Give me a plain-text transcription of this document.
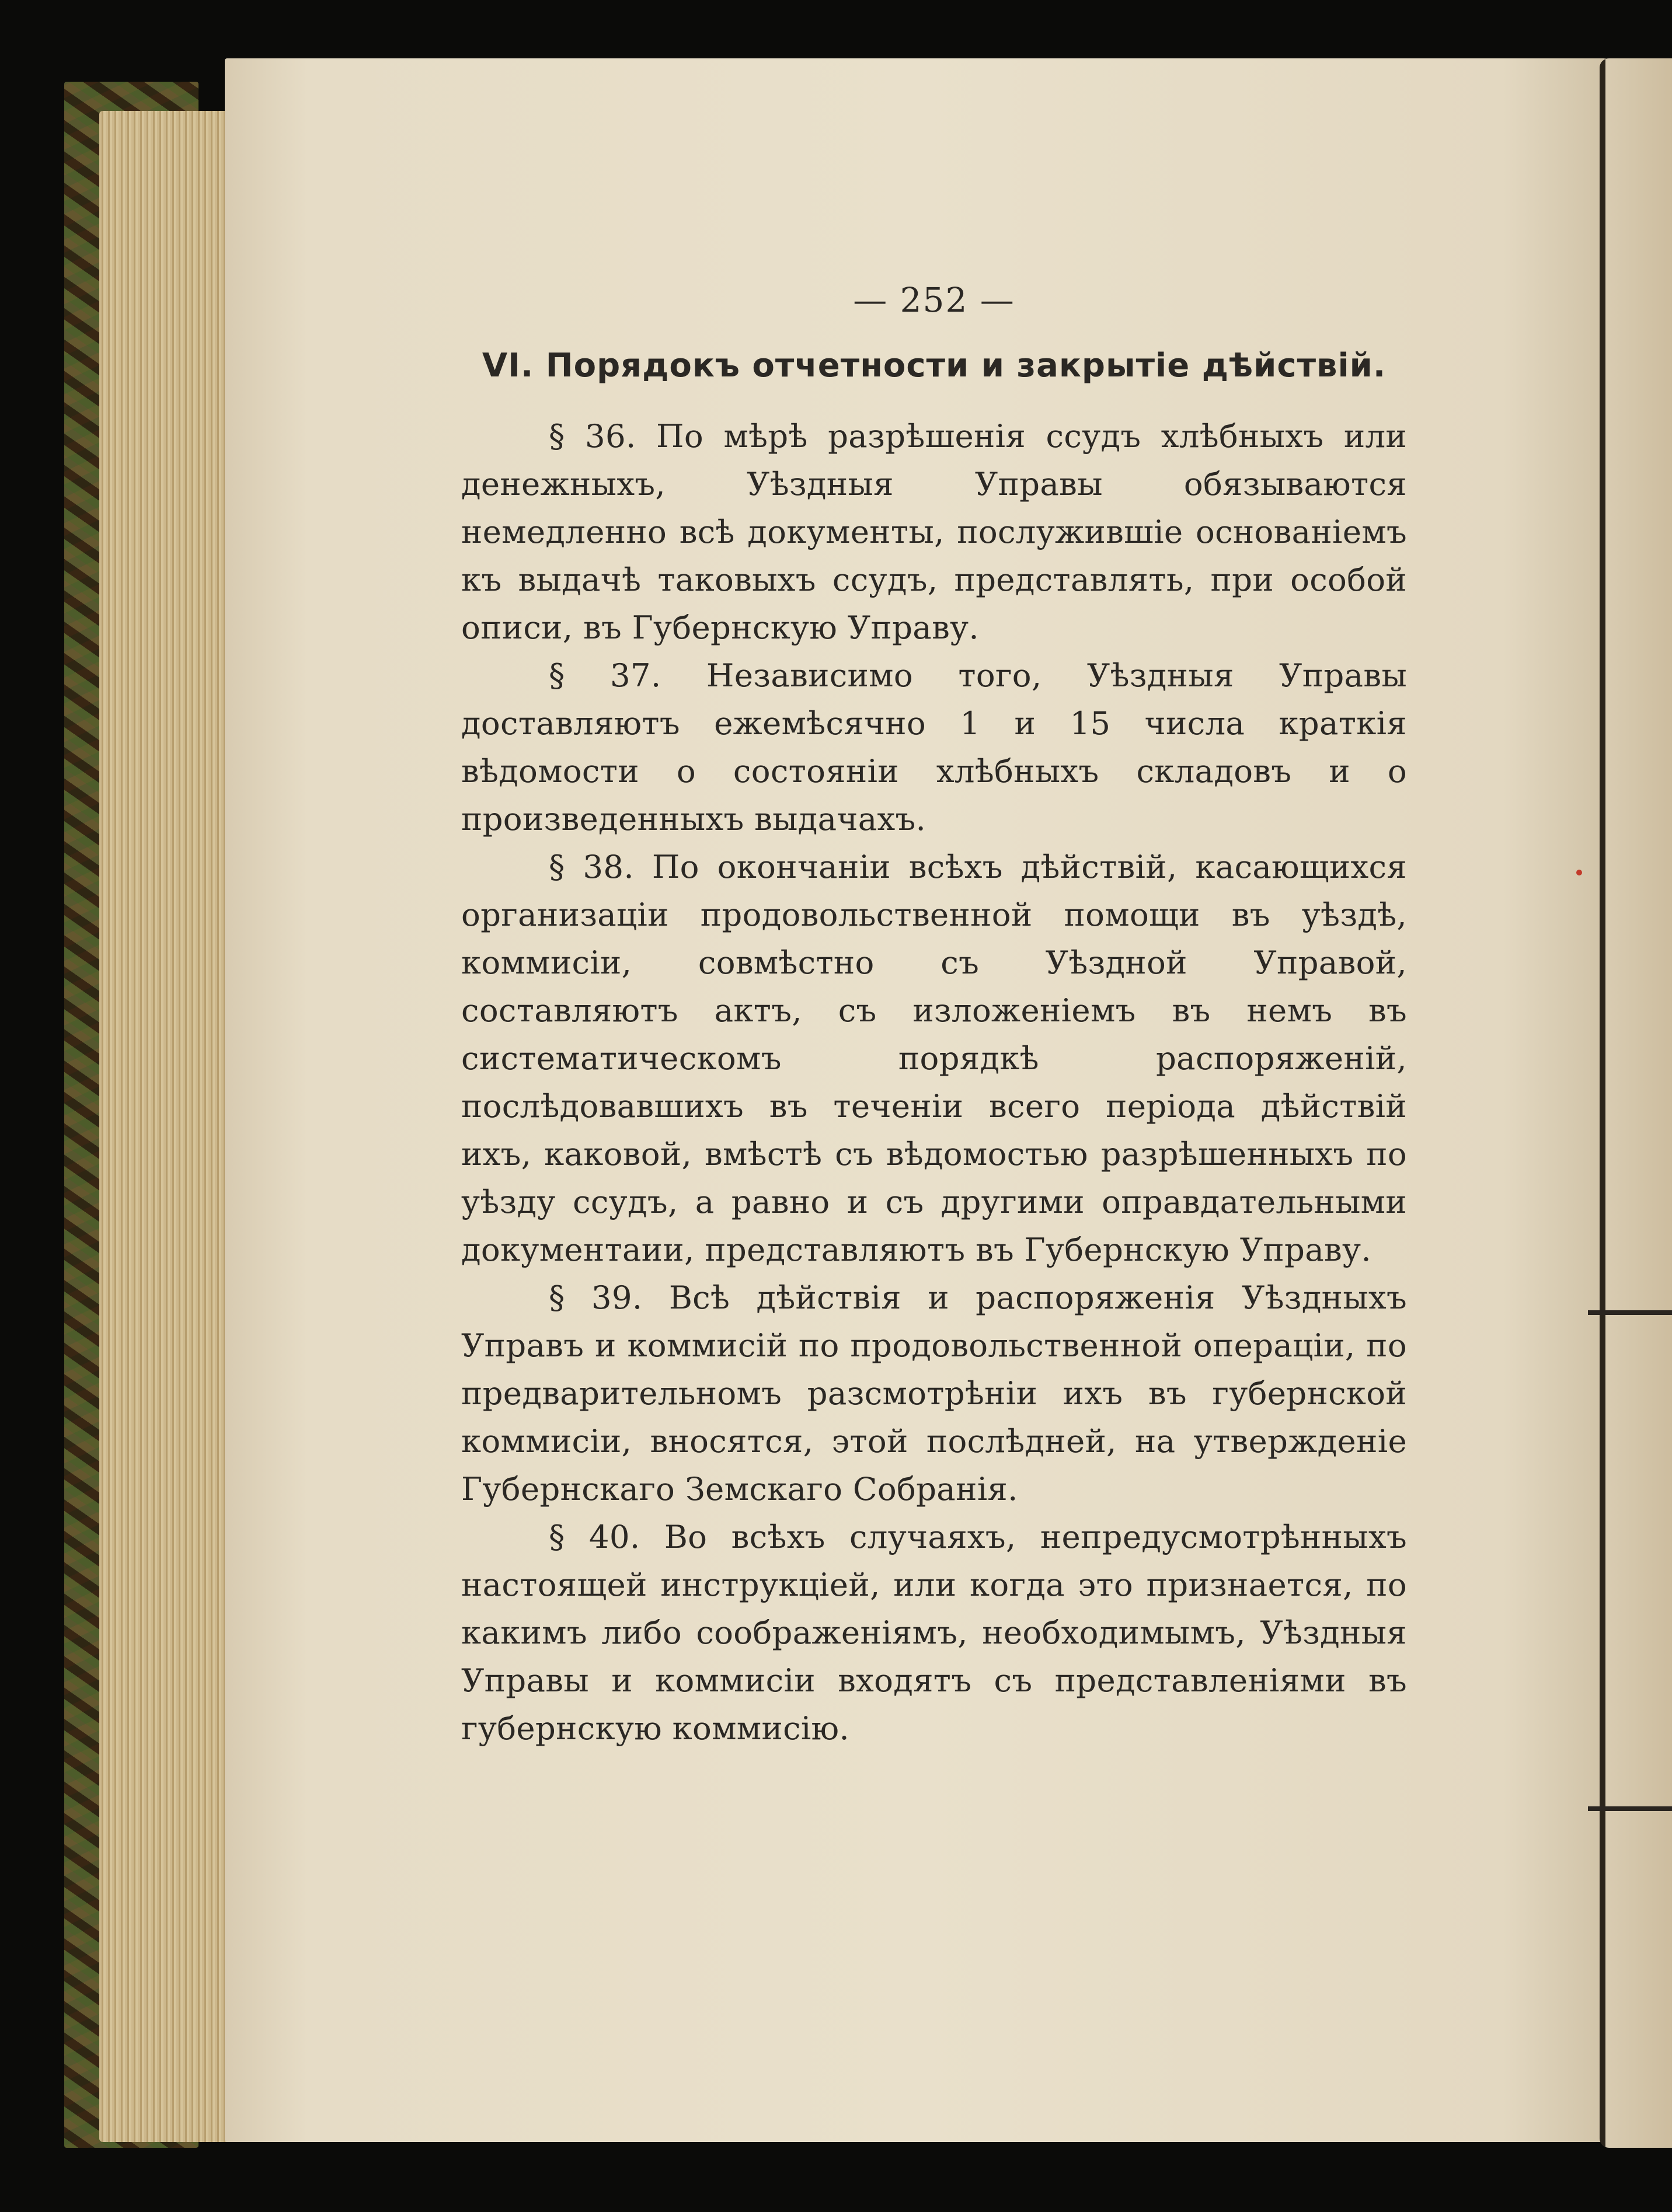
— 252 —
VI. Порядокъ отчетности и закрытіе дѣйствій.

§ 36. По мѣрѣ разрѣшенія ссудъ хлѣбныхъ или денежныхъ, Уѣздныя Управы обязываются немедленно всѣ документы, послужившіе основаніемъ къ выдачѣ таковыхъ ссудъ, представлять, при особой описи, въ Губернскую Управу.

§ 37. Независимо того, Уѣздныя Управы доставляютъ ежемѣсячно 1 и 15 числа краткія вѣдомости о состояніи хлѣбныхъ складовъ и о произведенныхъ выдачахъ.

§ 38. По окончаніи всѣхъ дѣйствій, касающихся организаціи продовольственной помощи въ уѣздѣ, коммисіи, совмѣстно съ Уѣздной Управой, составляютъ актъ, съ изложеніемъ въ немъ въ систематическомъ порядкѣ распоряженій, послѣдовавшихъ въ теченіи всего періода дѣйствій ихъ, каковой, вмѣстѣ съ вѣдомостью разрѣшенныхъ по уѣзду ссудъ, а равно и съ другими оправдательными документаии, представляютъ въ Губернскую Управу.

§ 39. Всѣ дѣйствія и распоряженія Уѣздныхъ Управъ и коммисій по продовольственной операціи, по предварительномъ разсмотрѣніи ихъ въ губернской коммисіи, вносятся, этой послѣдней, на утвержденіе Губернскаго Земскаго Собранія.

§ 40. Во всѣхъ случаяхъ, непредусмотрѣнныхъ настоящей инструкціей, или когда это признается, по какимъ либо соображеніямъ, необходимымъ, Уѣздныя Управы и коммисіи входятъ съ представленіями въ губернскую коммисію.
